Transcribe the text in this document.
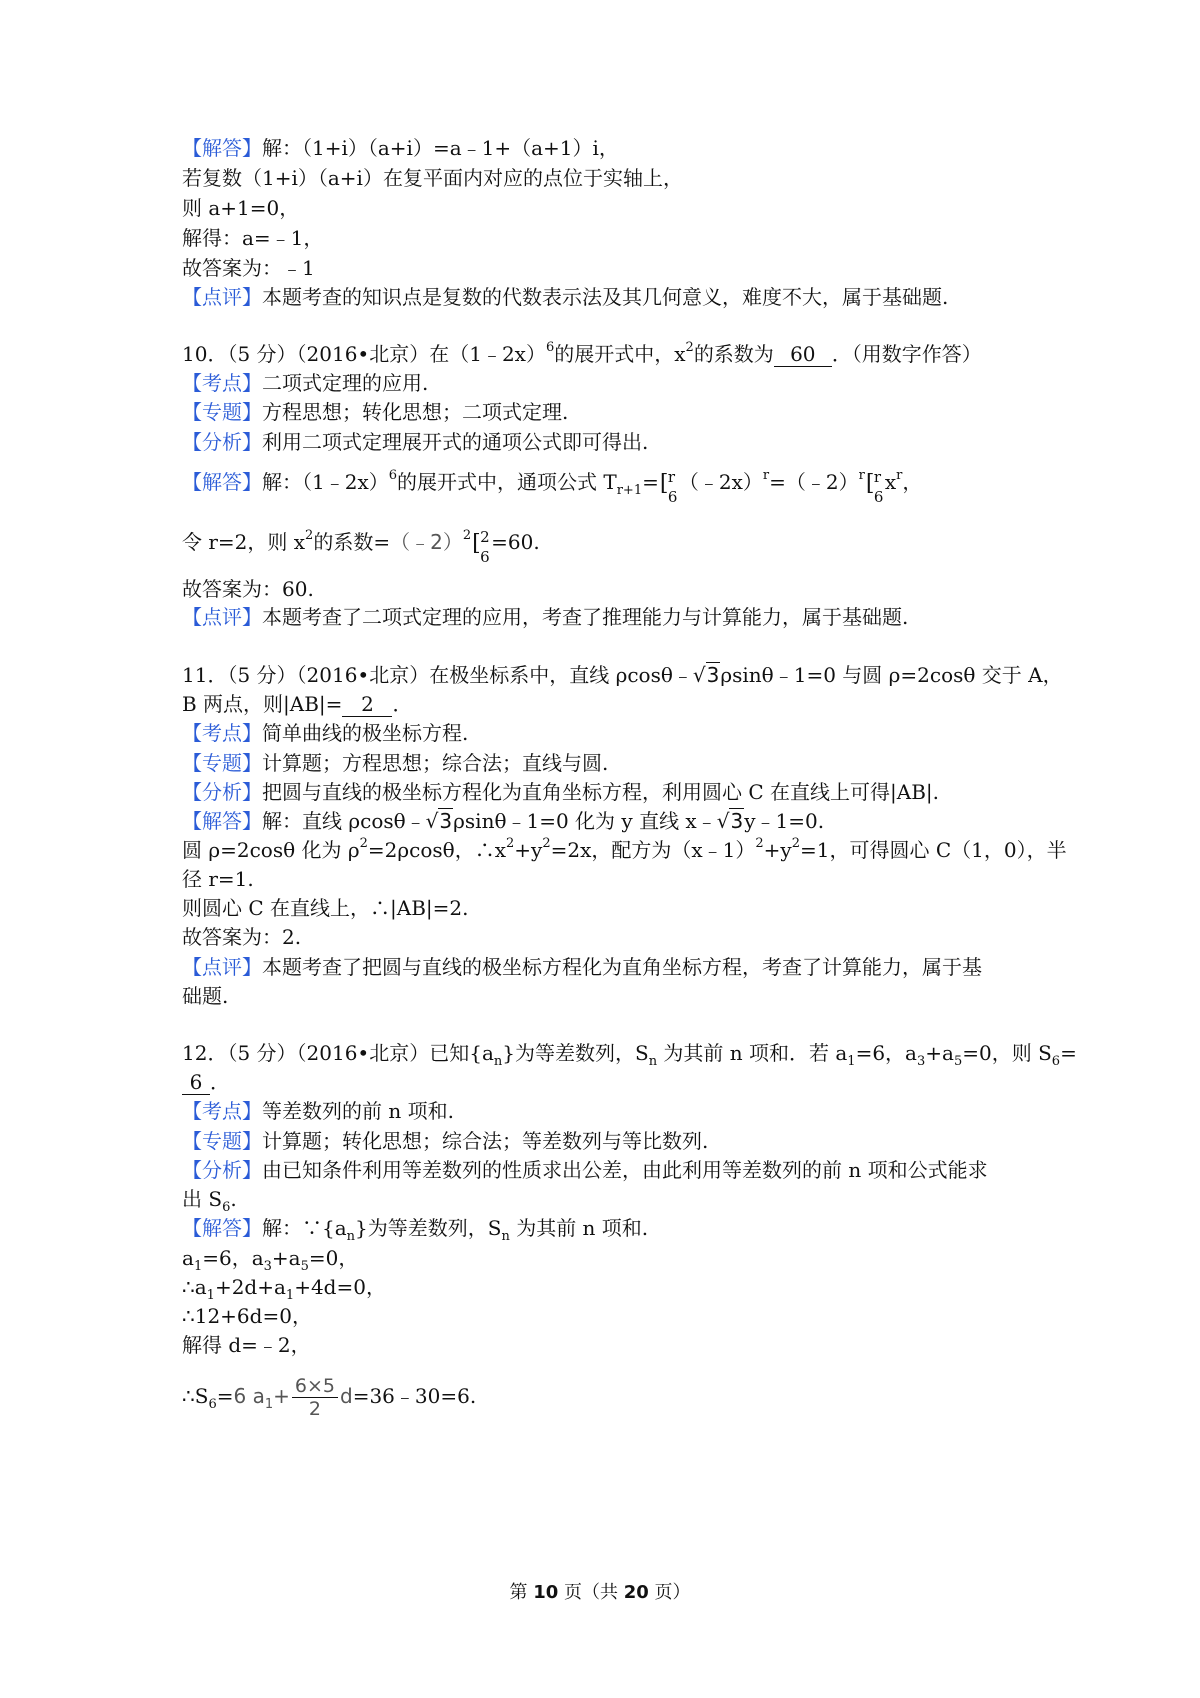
【解答】解：（1+i）（a+i）=a﹣1+（a+1）i，
若复数（1+i）（a+i）在复平面内对应的点位于实轴上，
则 a+1=0，
解得：a=﹣1，
故答案为：﹣1
【点评】本题考查的知识点是复数的代数表示法及其几何意义，难度不大，属于基础题.
10．（5 分）（2016•北京）在（1﹣2x）$^6$的展开式中，$x^2$的系数为 60 ．（用数字作答）
【考点】二项式定理的应用.
【专题】方程思想；转化思想；二项式定理.
【分析】利用二项式定理展开式的通项公式即可得出.
【解答】解：（1﹣2x）$^6$的展开式中，通项公式 $T_{r+1}=$ [ r
6
（﹣2x）$^r$=（﹣2）$^r$ [ r
6
$x^r$，
令 r=2，则 $x^2$的系数=（﹣2）$^2$ [ 2
6
=60.
故答案为：60.
【点评】本题考查了二项式定理的应用，考查了推理能力与计算能力，属于基础题.
11．（5 分）（2016•北京）在极坐标系中，直线 ρcosθ﹣√3ρsinθ﹣1=0 与圆 ρ=2cosθ 交于 A，
B 两点，则|AB|= 2 ．
【考点】简单曲线的极坐标方程.
【专题】计算题；方程思想；综合法；直线与圆.
【分析】把圆与直线的极坐标方程化为直角坐标方程，利用圆心 C 在直线上可得|AB|.
【解答】解：直线 ρcosθ﹣√3ρsinθ﹣1=0 化为 y 直线 x﹣√3y﹣1=0.
圆 ρ=2cosθ 化为 $\rho^2=2\rho\cos\theta$，$\therefore x^2+y^2=2x$，配方为$(x﹣1)^2+y^2=1$，可得圆心 C（1，0），半
径 r=1.
则圆心 C 在直线上，∴|AB|=2.
故答案为：2.
【点评】本题考查了把圆与直线的极坐标方程化为直角坐标方程，考查了计算能力，属于基
础题.
12．（5 分）（2016•北京）已知$\{a_n\}$为等差数列，$S_n$ 为其前 n 项和．若 $a_1=6$，$a_3+a_5=0$，则 $S_6=$
6 ．
【考点】等差数列的前 n 项和.
【专题】计算题；转化思想；综合法；等差数列与等比数列.
【分析】由已知条件利用等差数列的性质求出公差，由此利用等差数列的前 n 项和公式能求
出 $S_6$.
【解答】解：$\because\{a_n\}$为等差数列，$S_n$ 为其前 n 项和.
$a_1=6$，$a_3+a_5=0$，
$\therefore a_1+2d+a_1+4d=0$，
∴12+6d=0，
解得 d=﹣2，
$\therefore S_6=6$ $a_1+ \frac{6\times 5}{2}$ d=36﹣30=6.
第 10 页（共 20 页）
